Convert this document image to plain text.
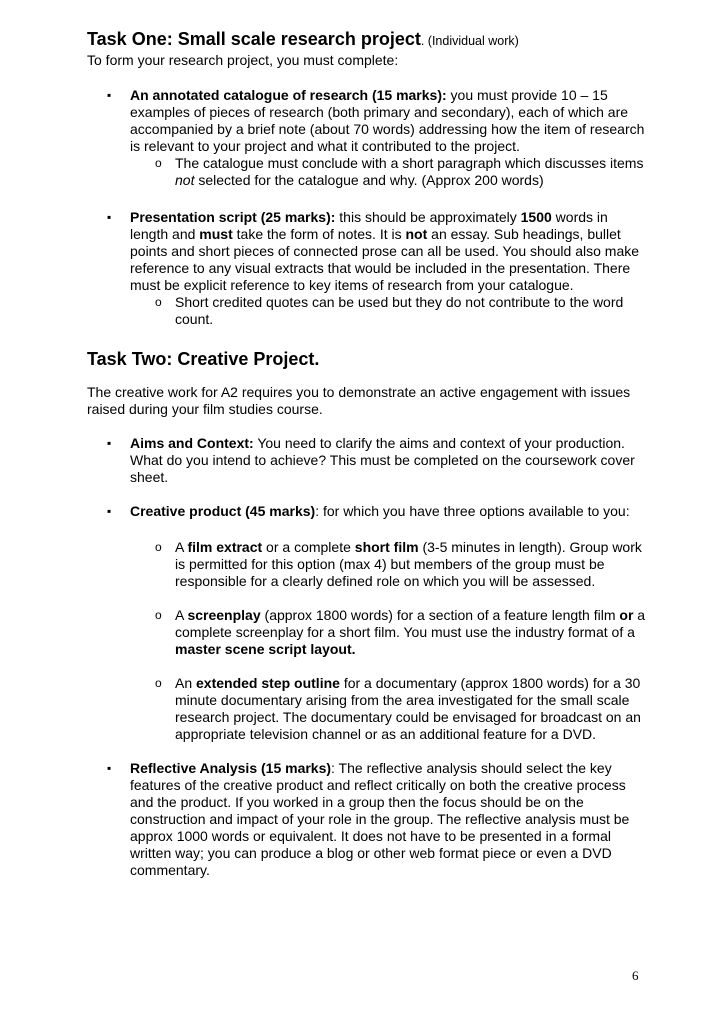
Task One: Small scale research project. (Individual work)

To form your research project, you must complete:

▪ An annotated catalogue of research (15 marks): you must provide 10 – 15 examples of pieces of research (both primary and secondary), each of which are accompanied by a brief note (about 70 words) addressing how the item of research is relevant to your project and what it contributed to the project.
o The catalogue must conclude with a short paragraph which discusses items not selected for the catalogue and why. (Approx 200 words)
▪ Presentation script (25 marks): this should be approximately 1500 words in length and must take the form of notes. It is not an essay. Sub headings, bullet points and short pieces of connected prose can all be used. You should also make reference to any visual extracts that would be included in the presentation. There must be explicit reference to key items of research from your catalogue.
o Short credited quotes can be used but they do not contribute to the word count.

Task Two: Creative Project.

The creative work for A2 requires you to demonstrate an active engagement with issues raised during your film studies course.

▪ Aims and Context: You need to clarify the aims and context of your production. What do you intend to achieve? This must be completed on the coursework cover sheet.
▪ Creative product (45 marks): for which you have three options available to you:
o A film extract or a complete short film (3-5 minutes in length). Group work is permitted for this option (max 4) but members of the group must be responsible for a clearly defined role on which you will be assessed.
o A screenplay (approx 1800 words) for a section of a feature length film or a complete screenplay for a short film. You must use the industry format of a master scene script layout.
o An extended step outline for a documentary (approx 1800 words) for a 30 minute documentary arising from the area investigated for the small scale research project. The documentary could be envisaged for broadcast on an appropriate television channel or as an additional feature for a DVD.
▪ Reflective Analysis (15 marks): The reflective analysis should select the key features of the creative product and reflect critically on both the creative process and the product. If you worked in a group then the focus should be on the construction and impact of your role in the group. The reflective analysis must be approx 1000 words or equivalent. It does not have to be presented in a formal written way; you can produce a blog or other web format piece or even a DVD commentary.
6
